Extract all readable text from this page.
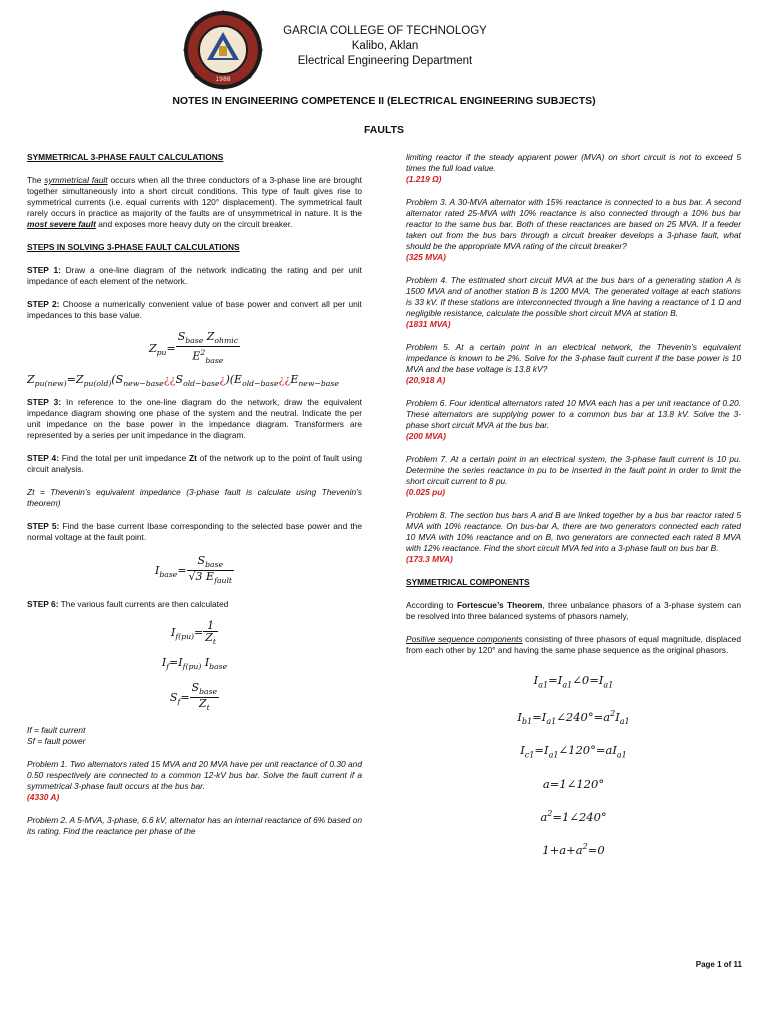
1988
GARCIA COLLEGE OF TECHNOLOGY
Kalibo, Aklan
Electrical Engineering Department
NOTES IN ENGINEERING COMPETENCE II (ELECTRICAL ENGINEERING SUBJECTS)
FAULTS

SYMMETRICAL 3-PHASE FAULT CALCULATIONS

The symmetrical fault occurs when all the three conductors of a 3-phase line are brought together simultaneously into a short circuit conditions. This type of fault gives rise to symmetrical currents (i.e. equal currents with 120° displacement). The symmetrical fault rarely occurs in practice as majority of the faults are of unsymmetrical in nature. It is the most severe fault and exposes more heavy duty on the circuit breaker.

STEPS IN SOLVING 3-PHASE FAULT CALCULATIONS

STEP 1: Draw a one-line diagram of the network indicating the rating and per unit impedance of each element of the network.

STEP 2: Choose a numerically convenient value of base power and convert all per unit impedances to this base value.

$Z_{pu}= \frac{S_{base} Z_{ohmic}}{E^2_{base}}$
$Z_{pu(new)}=Z_{pu(old)}(S_{new-base}¿¿S_{old-base}¿)(E_{old-base}¿¿E_{new-base}$

STEP 3: In reference to the one-line diagram do the network, draw the equivalent impedance diagram showing one phase of the system and the neutral. Indicate the per unit impedance on the base power in the impedance diagram. Transformers are represented by a series per unit impedance in the diagram.

STEP 4: Find the total per unit impedance Zt of the network up to the point of fault using circuit analysis.

Zt = Thevenin’s equivalent impedance (3-phase fault is calculate using Thevenin’s theorem)

STEP 5: Find the base current Ibase corresponding to the selected base power and the normal voltage at the fault point.

$I_{base}= \frac{S_{base}}{√3 E_{fault}}$

STEP 6: The various fault currents are then calculated

$I_{f(pu)}= \frac{1}{Z_t}$
$I_f=I_{f(pu)}$ $I_{base}$
$S_f= \frac{S_{base}}{Z_t}$

If = fault current

Sf = fault power

Problem 1. Two alternators rated 15 MVA and 20 MVA have per unit reactance of 0.30 and 0.50 respectively are connected to a common 12-kV bus bar. Solve the fault current if a symmetrical 3-phase fault occurs at the bus bar.

(4330 A)

Problem 2. A 5-MVA, 3-phase, 6.6 kV, alternator has an internal reactance of 6% based on its rating. Find the reactance per phase of the

limiting reactor if the steady apparent power (MVA) on short circuit is not to exceed 5 times the full load value.

(1.219 Ω)

Problem 3. A 30-MVA alternator with 15% reactance is connected to a bus bar. A second alternator rated 25-MVA with 10% reactance is also connected through a 10% bus bar reactor to the same bus bar. Both of these reactances are based on 25 MVA. If a feeder taken out from the bus bars through a circuit breaker develops a 3-phase fault, what should be the appropriate MVA rating of the circuit breaker?

(325 MVA)

Problem 4. The estimated short circuit MVA at the bus bars of a generating station A is 1500 MVA and of another station B is 1200 MVA. The generated voltage at each stations is 33 kV. If these stations are interconnected through a line having a reactance of 1 Ω and negligible resistance, calculate the possible short circuit MVA at station B.

(1831 MVA)

Problem 5. At a certain point in an electrical network, the Thevenin’s equivalent impedance is known to be 2%. Solve for the 3-phase fault current if the base power is 10 MVA and the base voltage is 13.8 kV?

(20,918 A)

Problem 6. Four identical alternators rated 10 MVA each has a per unit reactance of 0.20. These alternators are supplying power to a common bus bar at 13.8 kV. Solve the 3-phase short circuit MVA at the bus bar.

(200 MVA)

Problem 7. At a certain point in an electrical system, the 3-phase fault current is 10 pu. Determine the series reactance in pu to be inserted in the fault point in order to limit the short circuit current to 8 pu.

(0.025 pu)

Problem 8. The section bus bars A and B are linked together by a bus bar reactor rated 5 MVA with 10% reactance. On bus-bar A, there are two generators connected each rated 10 MVA with 10% reactance and on B, two generators are connected each rated 8 MVA with 12% reactance. Find the short circuit MVA fed into a 3-phase fault on bus bar B.

(173.3 MVA)

SYMMETRICAL COMPONENTS

According to Fortescue’s Theorem, three unbalance phasors of a 3-phase system can be resolved into three balanced systems of phasors namely,

Positive sequence components consisting of three phasors of equal magnitude, displaced from each other by 120° and having the same phase sequence as the original phasors.

$I_{a1}=I_{a1}\angle 0=I_{a1}$
$I_{b1}=I_{a1}\angle 240^\circ=a^2I_{a1}$
$I_{c1}=I_{a1}\angle 120^\circ=aI_{a1}$
a=1∠120°
$a^2=1\angle 240^\circ$
$1+a+a^2=0$
Page 1 of 11
